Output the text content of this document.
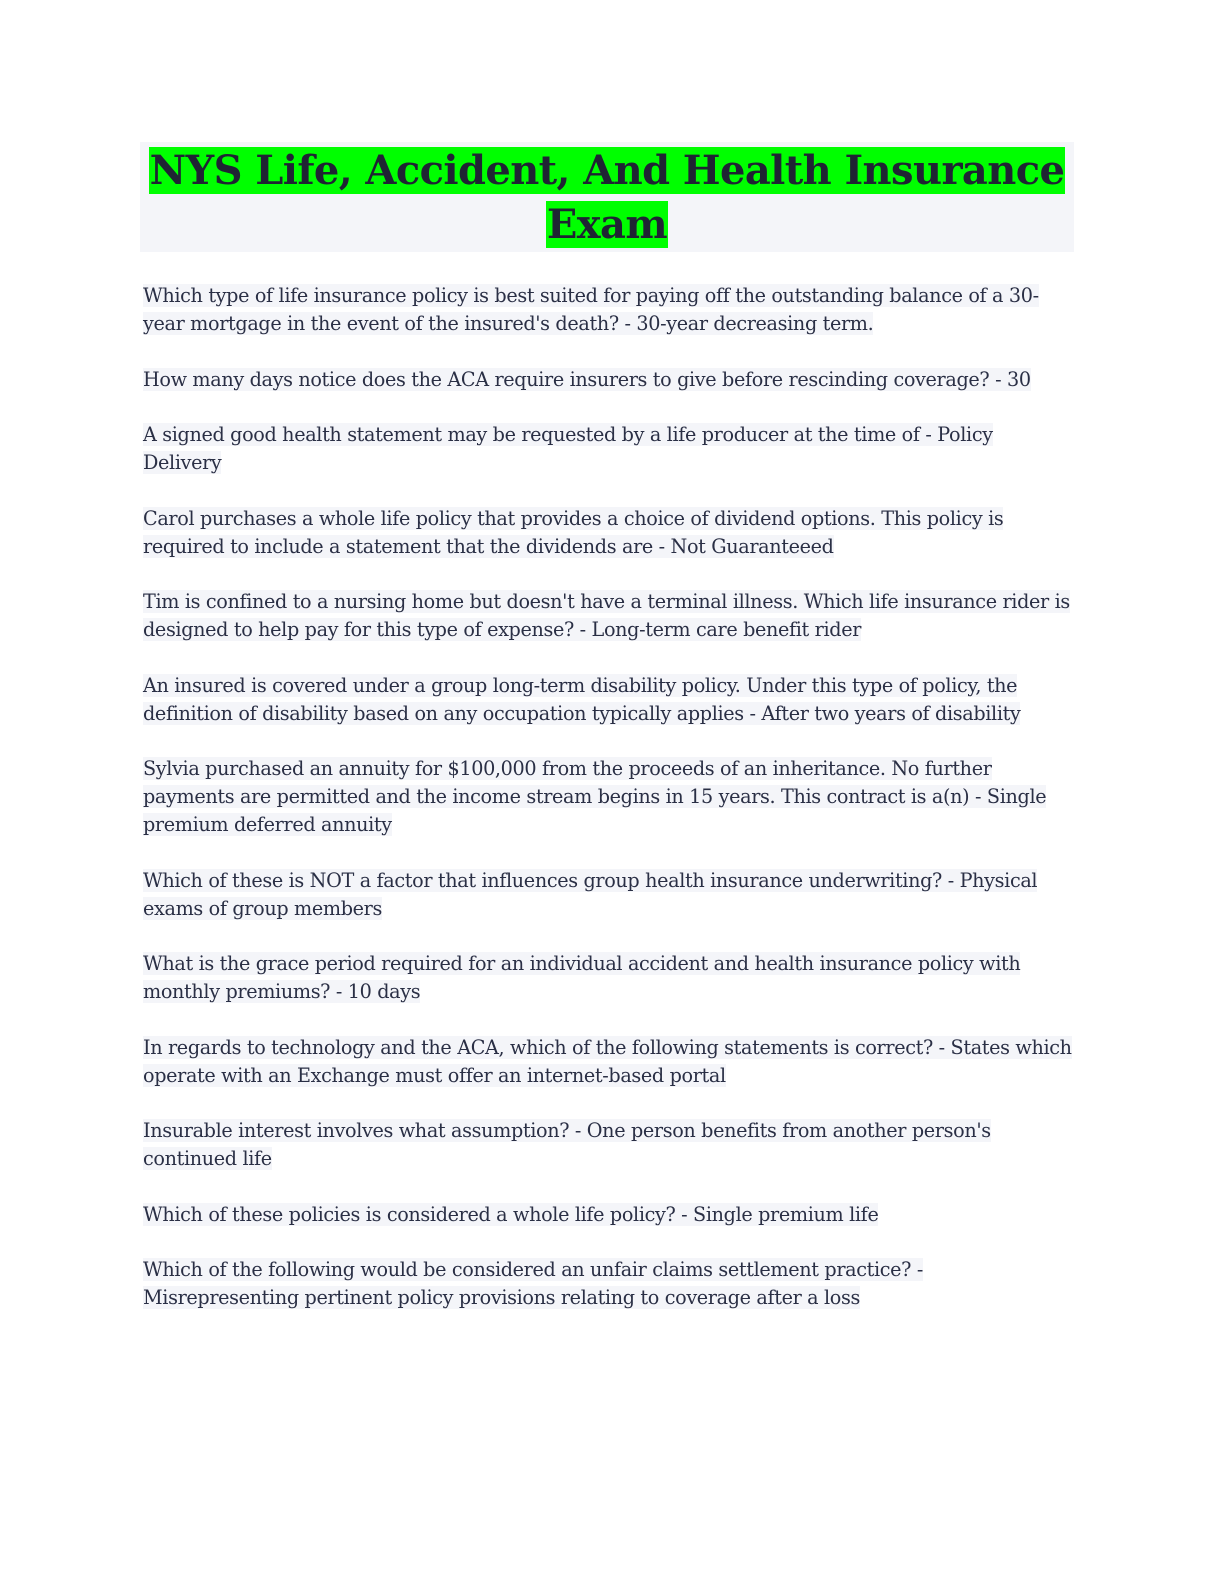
NYS Life, Accident, And Health Insurance Exam

Which type of life insurance policy is best suited for paying off the outstanding balance of a 30-year mortgage in the event of the insured's death? - 30-year decreasing term.

How many days notice does the ACA require insurers to give before rescinding coverage? - 30

A signed good health statement may be requested by a life producer at the time of - Policy Delivery

Carol purchases a whole life policy that provides a choice of dividend options. This policy is required to include a statement that the dividends are - Not Guaranteeed

Tim is confined to a nursing home but doesn't have a terminal illness. Which life insurance rider is designed to help pay for this type of expense? - Long-term care benefit rider

An insured is covered under a group long-term disability policy. Under this type of policy, the definition of disability based on any occupation typically applies - After two years of disability

Sylvia purchased an annuity for $100,000 from the proceeds of an inheritance. No further payments are permitted and the income stream begins in 15 years. This contract is a(n) - Single premium deferred annuity

Which of these is NOT a factor that influences group health insurance underwriting? - Physical exams of group members

What is the grace period required for an individual accident and health insurance policy with monthly premiums? - 10 days

In regards to technology and the ACA, which of the following statements is correct? - States which operate with an Exchange must offer an internet-based portal

Insurable interest involves what assumption? - One person benefits from another person's continued life

Which of these policies is considered a whole life policy? - Single premium life

Which of the following would be considered an unfair claims settlement practice? - Misrepresenting pertinent policy provisions relating to coverage after a loss
